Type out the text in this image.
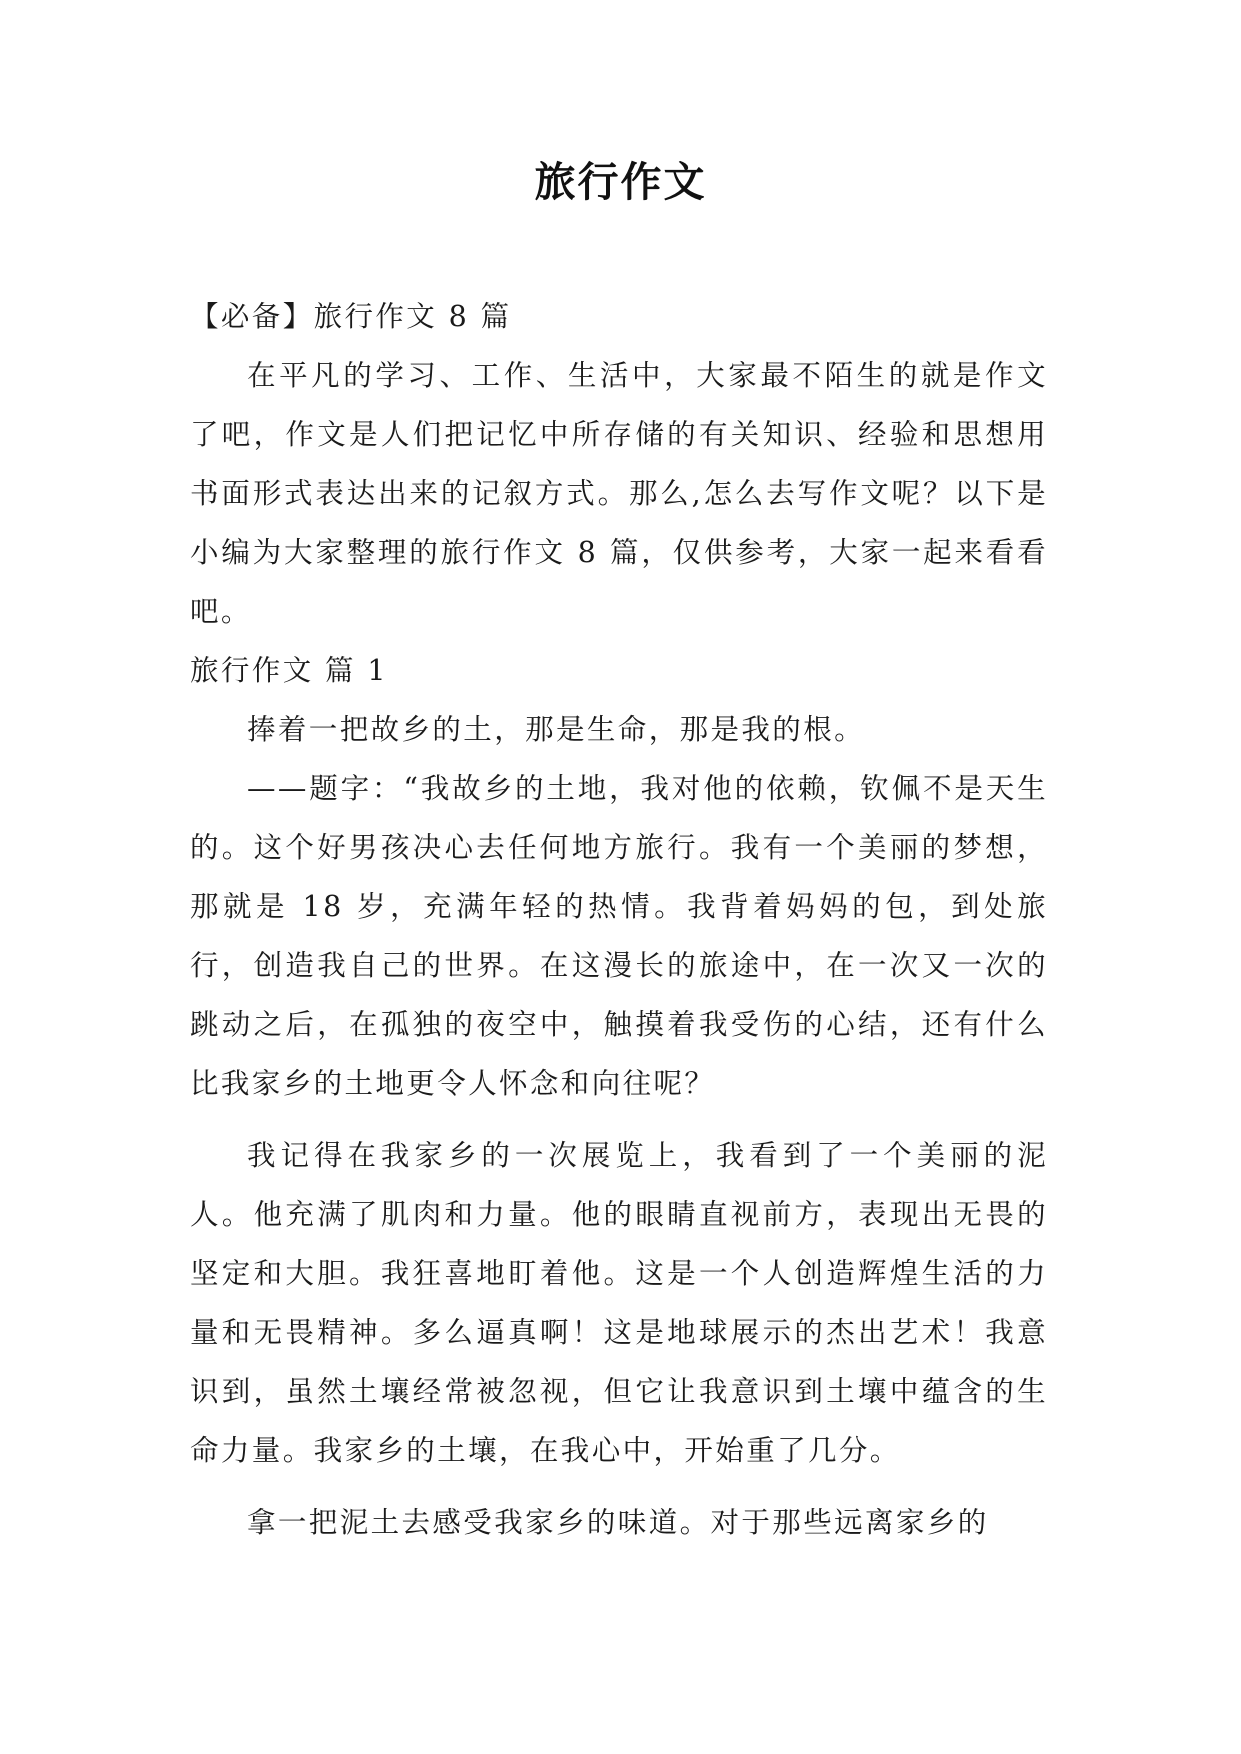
旅行作文

【必备】旅行作文 8 篇

在平凡的学习、工作、生活中，大家最不陌生的就是作文了吧，作文是人们把记忆中所存储的有关知识、经验和思想用书面形式表达出来的记叙方式。那么,怎么去写作文呢？以下是小编为大家整理的旅行作文 8 篇，仅供参考，大家一起来看看吧。

旅行作文 篇 1

捧着一把故乡的土，那是生命，那是我的根。

——题字：“我故乡的土地，我对他的依赖，钦佩不是天生的。这个好男孩决心去任何地方旅行。我有一个美丽的梦想，那就是 18 岁，充满年轻的热情。我背着妈妈的包，到处旅行，创造我自己的世界。在这漫长的旅途中，在一次又一次的跳动之后，在孤独的夜空中，触摸着我受伤的心结，还有什么比我家乡的土地更令人怀念和向往呢？

我记得在我家乡的一次展览上，我看到了一个美丽的泥人。他充满了肌肉和力量。他的眼睛直视前方，表现出无畏的坚定和大胆。我狂喜地盯着他。这是一个人创造辉煌生活的力量和无畏精神。多么逼真啊！这是地球展示的杰出艺术！我意识到，虽然土壤经常被忽视，但它让我意识到土壤中蕴含的生命力量。我家乡的土壤，在我心中，开始重了几分。

拿一把泥土去感受我家乡的味道。对于那些远离家乡的
